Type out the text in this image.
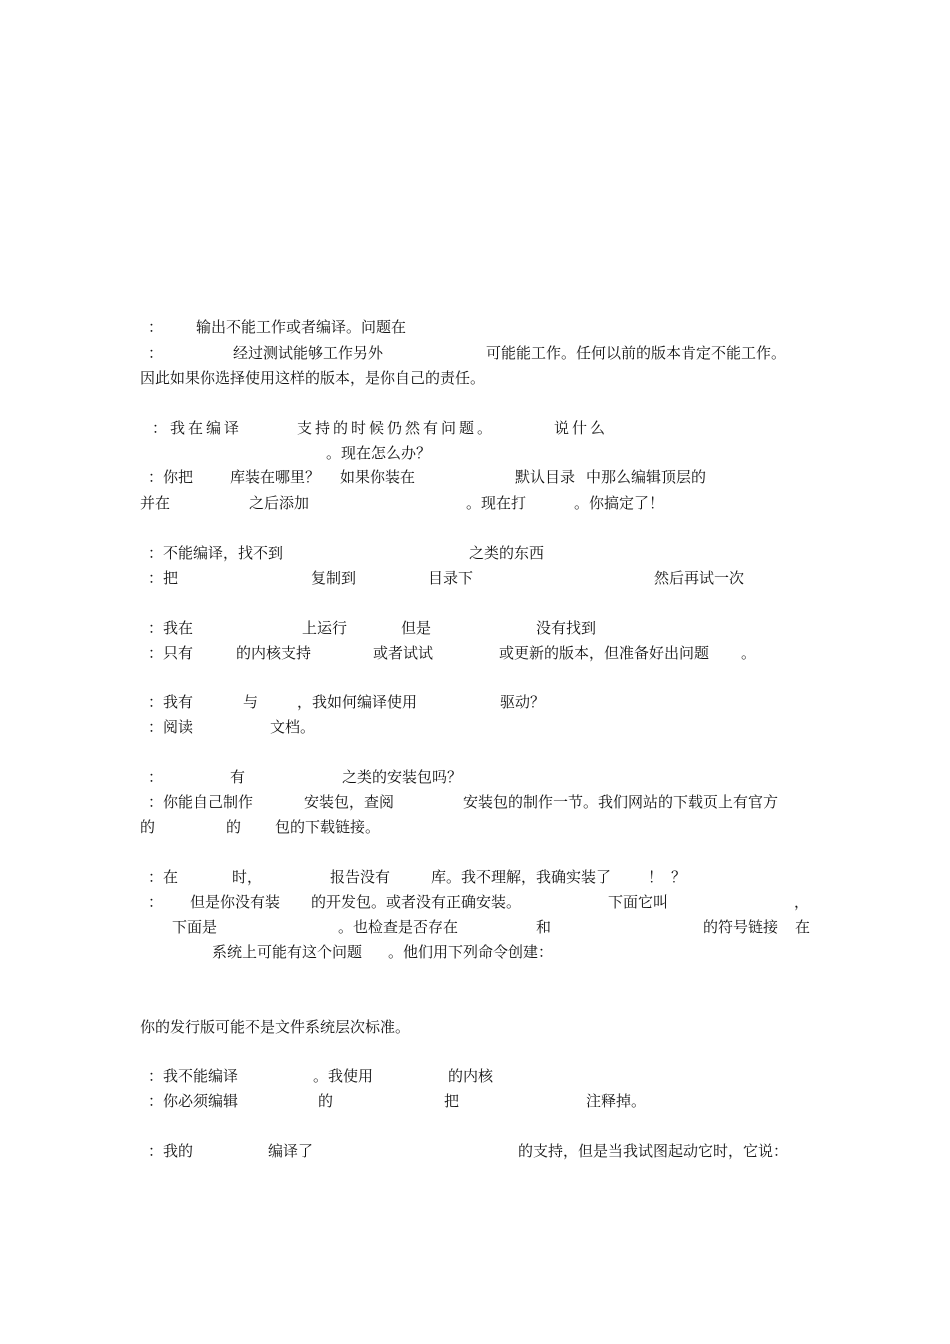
： 输出不能工作或者编译。问题在
：	经过测试能够工作另外	可能能工作。任何以前的版本肯定不能工作。
因此如果你选择使用这样的版本，是你自己的责任。
：我在编译	支持的时候仍然有问题。	说什么
。现在怎么办？
：你把 库装在哪里？ 如果你装在	默认目录 中那么编辑顶层的
并在	之后添加	。现在打	。你搞定了！
：不能编译，找不到	之类的东西
：把	复制到	目录下	然后再试一次
：我在	上运行	但是	没有找到
：只有	的内核支持	或者试试	或更新的版本，但准备好出问题 。
：我有	与	，我如何编译使用	驱动？
：阅读	文档。
：	有	之类的安装包吗？
：你能自己制作	安装包，查阅	安装包的制作一节。我们网站的下载页上有官方
的	的 包的下载链接。
：在	时，	报告没有	库。我不理解，我确实装了 ！？
： 但是你没有装 的开发包。或者没有正确安装。	下面它叫	，
下面是	。也检查是否存在	和	的符号链接 在
系统上可能有这个问题 。他们用下列命令创建：
你的发行版可能不是文件系统层次标准。
：我不能编译	。我使用	的内核
：你必须编辑	的	把	注释掉。
：我的	编译了	的支持，但是当我试图起动它时，它说：
